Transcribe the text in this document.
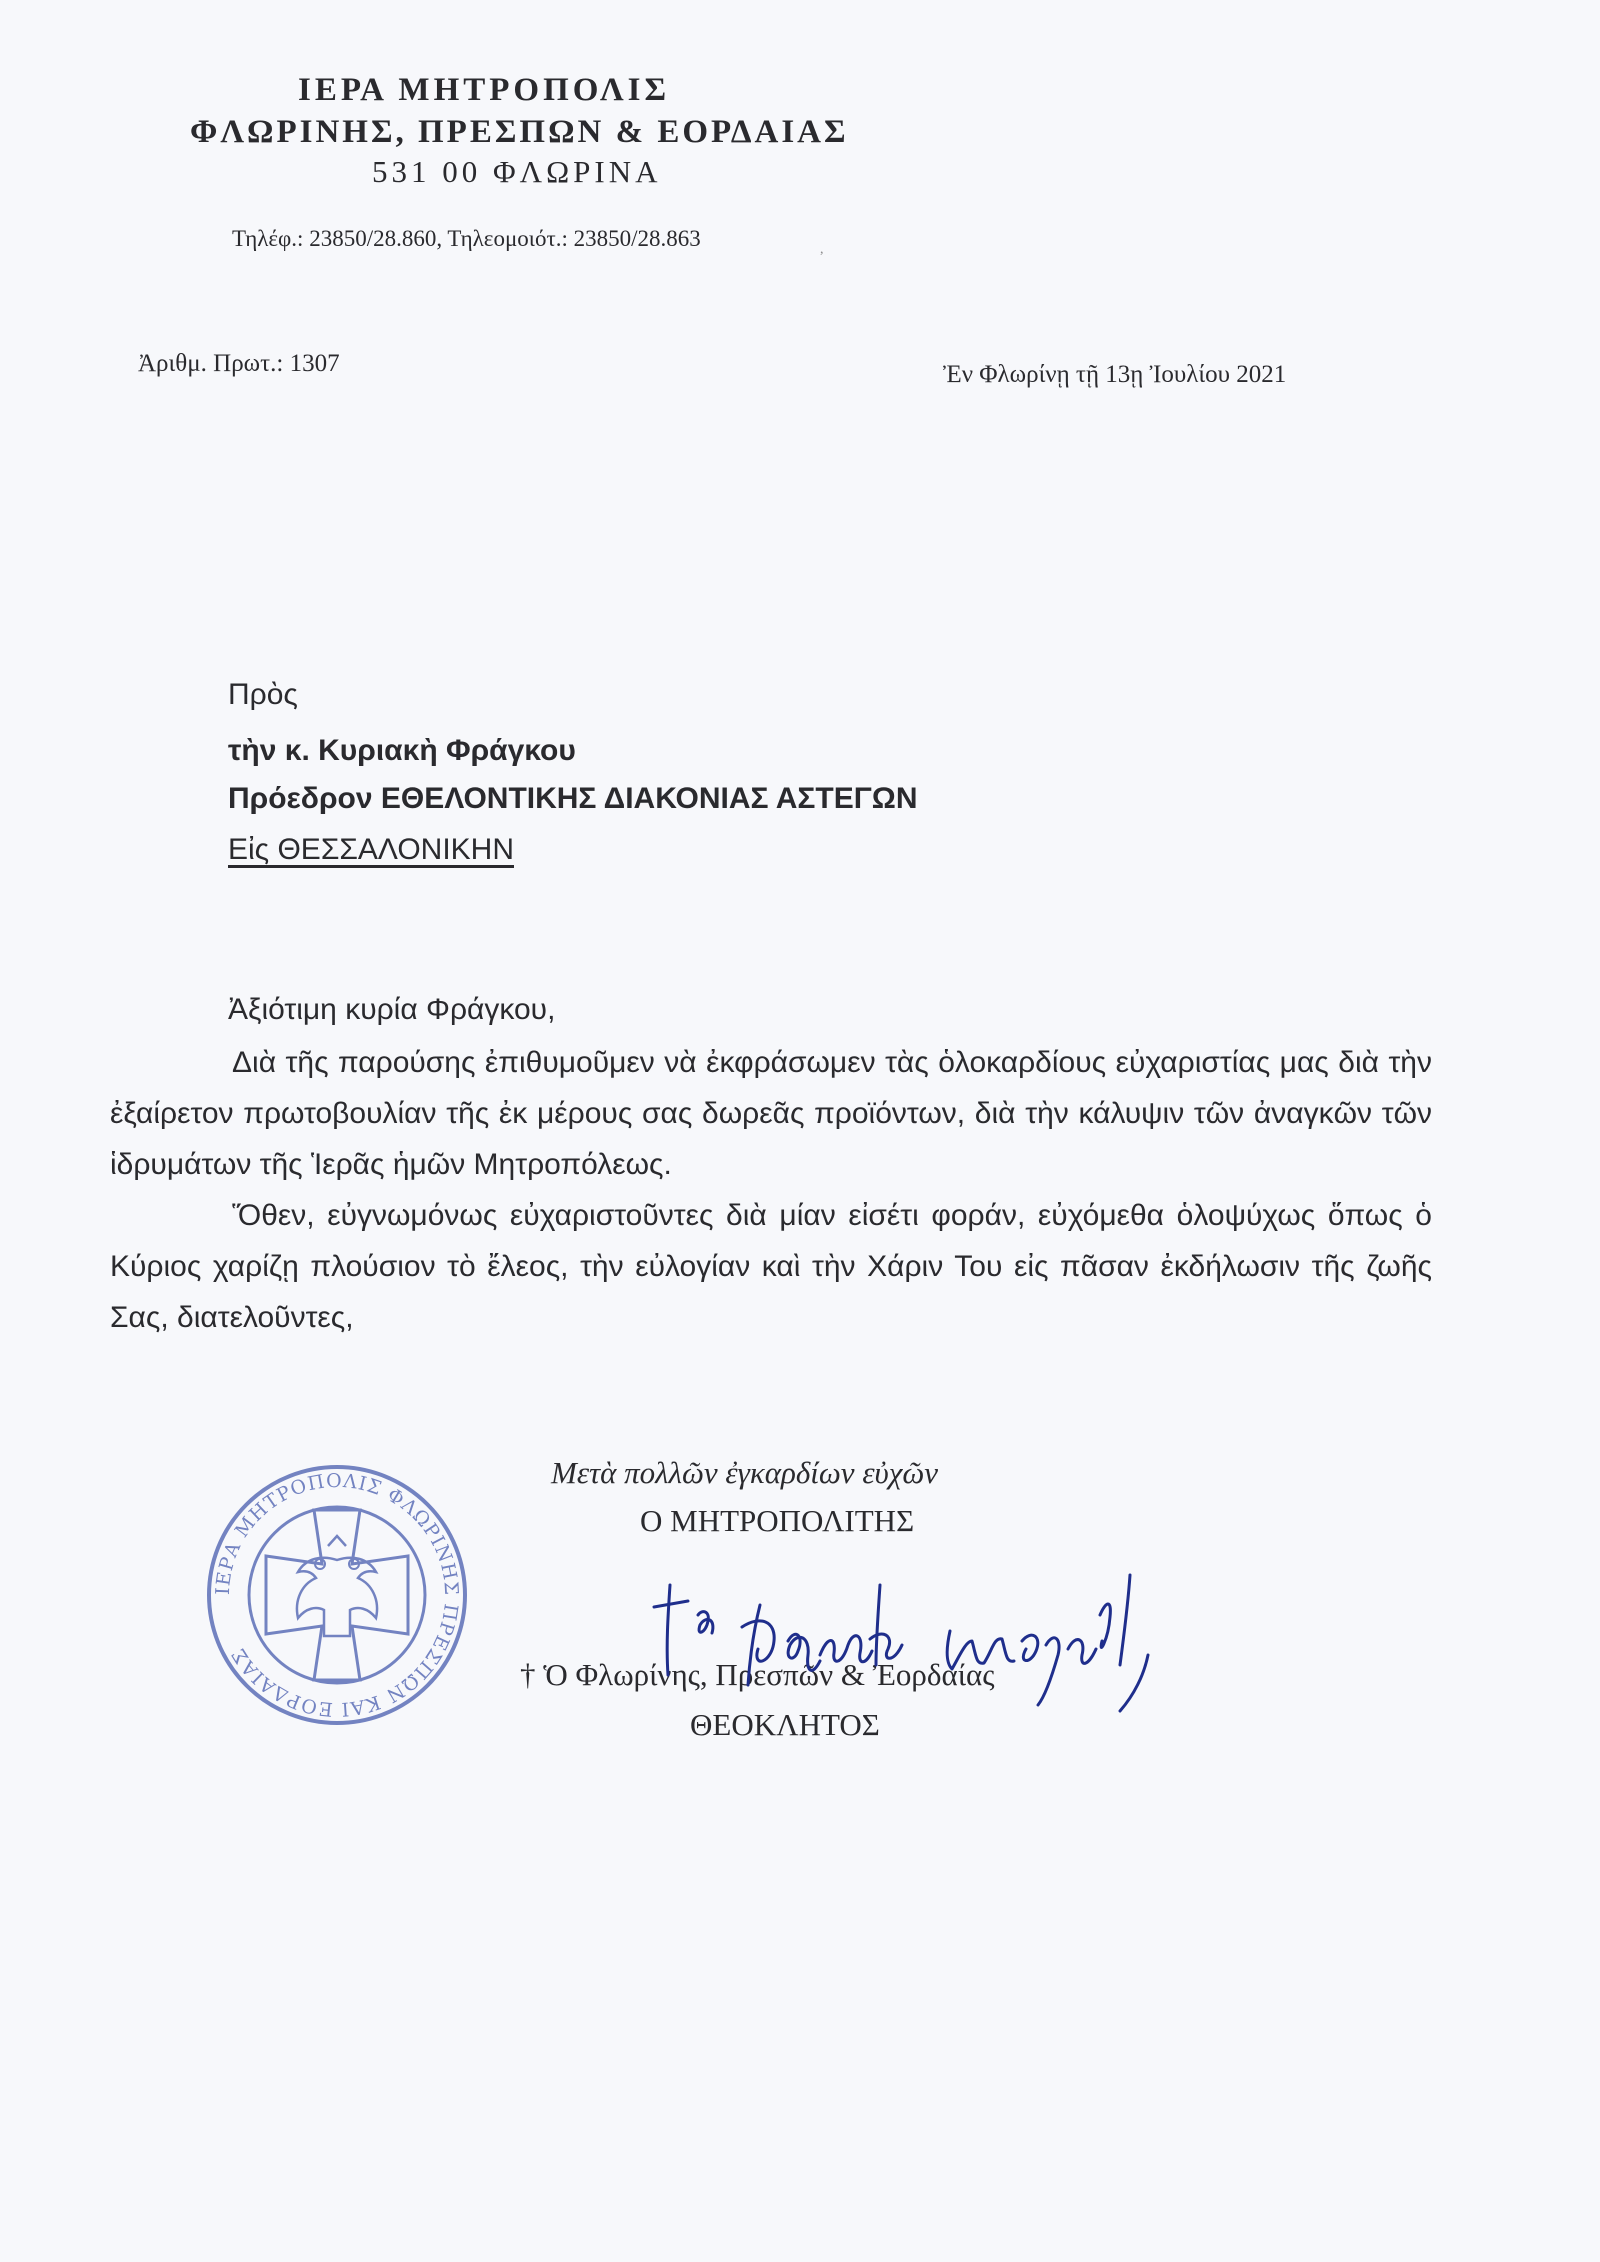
ΙΕΡΑ ΜΗΤΡΟΠΟΛΙΣ
ΦΛΩΡΙΝΗΣ, ΠΡΕΣΠΩΝ & ΕΟΡΔΑΙΑΣ
531 00 ΦΛΩΡΙΝΑ
Τηλέφ.: 23850/28.860, Τηλεομοιότ.: 23850/28.863
Ἀριθμ. Πρωτ.: 1307	Ἐν Φλωρίνῃ τῇ 13ῃ Ἰουλίου 2021
Πρὸς
τὴν κ. Κυριακὴ Φράγκου
Πρόεδρον ΕΘΕΛΟΝΤΙΚΗΣ ΔΙΑΚΟΝΙΑΣ ΑΣΤΕΓΩΝ
Εἰς ΘΕΣΣΑΛΟΝΙΚΗΝ
Ἀξιότιμη κυρία Φράγκου,
Διὰ τῆς παρούσης ἐπιθυμοῦμεν νὰ ἐκφράσωμεν τὰς ὁλοκαρδίους εὐχαριστίας μας διὰ τὴν ἐξαίρετον πρωτοβουλίαν τῆς ἐκ μέρους σας δωρεᾶς προϊόντων, διὰ τὴν κάλυψιν τῶν ἀναγκῶν τῶν ἱδρυμάτων τῆς Ἱερᾶς ἡμῶν Μητροπόλεως.
Ὅθεν, εὐγνωμόνως εὐχαριστοῦντες διὰ μίαν εἰσέτι φοράν, εὐχόμεθα ὁλοψύχως ὅπως ὁ Κύριος χαρίζῃ πλούσιον τὸ ἔλεος, τὴν εὐλογίαν καὶ τὴν Χάριν Του εἰς πᾶσαν ἐκδήλωσιν τῆς ζωῆς Σας, διατελοῦντες,
Μετὰ πολλῶν ἐγκαρδίων εὐχῶν
Ο ΜΗΤΡΟΠΟΛΙΤΗΣ
† Ὁ Φλωρίνης, Πρεσπῶν & Ἐορδαίας
ΘΕΟΚΛΗΤΟΣ
ΙΕΡΑ ΜΗΤΡΟΠΟΛΙΣ ΦΛΩΡΙΝΗΣ ΠΡΕΣΠΩΝ ΚΑΙ ΕΟΡΔΑΙΑΣ
,
